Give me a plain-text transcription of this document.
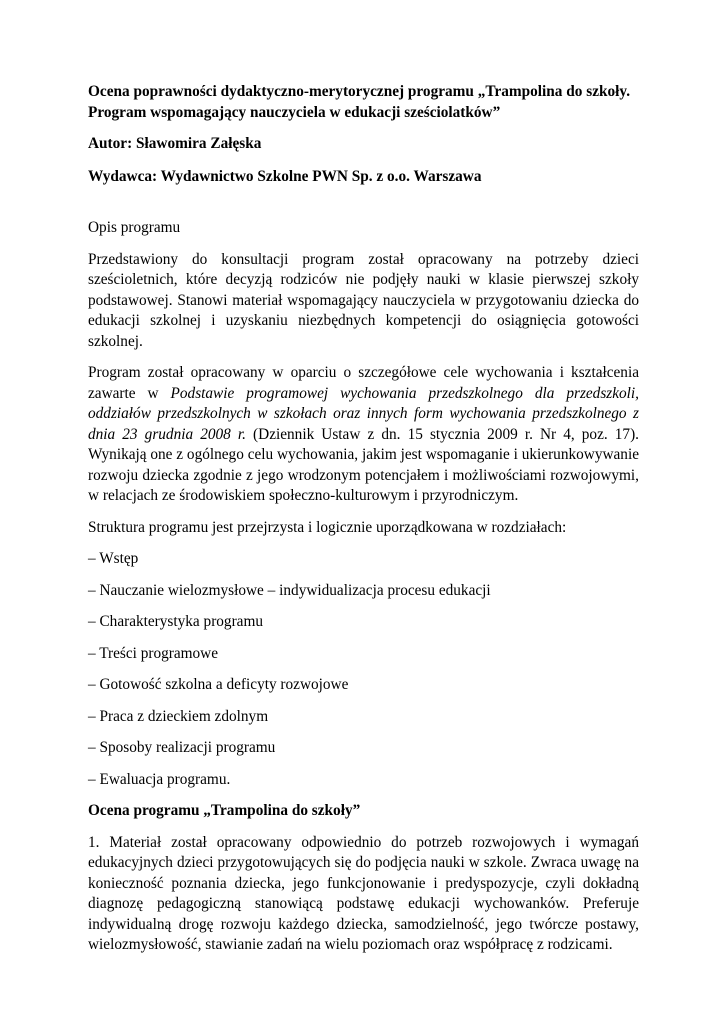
Ocena poprawności dydaktyczno-merytorycznej programu „Trampolina do szkoły.

Program wspomagający nauczyciela w edukacji sześciolatków”

Autor: Sławomira Załęska

Wydawca: Wydawnictwo Szkolne PWN Sp. z o.o. Warszawa

Opis programu

Przedstawiony do konsultacji program został opracowany na potrzeby dzieci sześcioletnich, które decyzją rodziców nie podjęły nauki w klasie pierwszej szkoły podstawowej. Stanowi materiał wspomagający nauczyciela w przygotowaniu dziecka do edukacji szkolnej i uzyskaniu niezbędnych kompetencji do osiągnięcia gotowości szkolnej.

Program został opracowany w oparciu o szczegółowe cele wychowania i kształcenia zawarte w Podstawie programowej wychowania przedszkolnego dla przedszkoli, oddziałów przedszkolnych w szkołach oraz innych form wychowania przedszkolnego z dnia 23 grudnia 2008 r. (Dziennik Ustaw z dn. 15 stycznia 2009 r. Nr 4, poz. 17). Wynikają one z ogólnego celu wychowania, jakim jest wspomaganie i ukierunkowywanie rozwoju dziecka zgodnie z jego wrodzonym potencjałem i możliwościami rozwojowymi, w relacjach ze środowiskiem społeczno-kulturowym i przyrodniczym.

Struktura programu jest przejrzysta i logicznie uporządkowana w rozdziałach:

– Wstęp

– Nauczanie wielozmysłowe – indywidualizacja procesu edukacji

– Charakterystyka programu

– Treści programowe

– Gotowość szkolna a deficyty rozwojowe

– Praca z dzieckiem zdolnym

– Sposoby realizacji programu

– Ewaluacja programu.

Ocena programu „Trampolina do szkoły”

1. Materiał został opracowany odpowiednio do potrzeb rozwojowych i wymagań edukacyjnych dzieci przygotowujących się do podjęcia nauki w szkole. Zwraca uwagę na konieczność poznania dziecka, jego funkcjonowanie i predyspozycje, czyli dokładną diagnozę pedagogiczną stanowiącą podstawę edukacji wychowanków. Preferuje indywidualną drogę rozwoju każdego dziecka, samodzielność, jego twórcze postawy, wielozmysłowość, stawianie zadań na wielu poziomach oraz współpracę z rodzicami.
